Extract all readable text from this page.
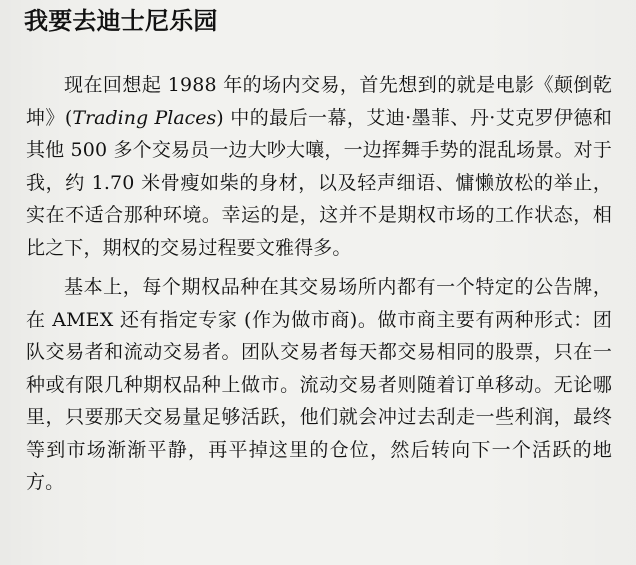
我要去迪士尼乐园

现在回想起 1988 年的场内交易，首先想到的就是电影《颠倒乾坤》(Trading Places) 中的最后一幕，艾迪·墨菲、丹·艾克罗伊德和其他 500 多个交易员一边大吵大嚷，一边挥舞手势的混乱场景。对于我，约 1.70 米骨瘦如柴的身材，以及轻声细语、慵懒放松的举止，实在不适合那种环境。幸运的是，这并不是期权市场的工作状态，相比之下，期权的交易过程要文雅得多。

基本上，每个期权品种在其交易场所内都有一个特定的公告牌，在 AMEX 还有指定专家 (作为做市商)。做市商主要有两种形式：团队交易者和流动交易者。团队交易者每天都交易相同的股票，只在一种或有限几种期权品种上做市。流动交易者则随着订单移动。无论哪里，只要那天交易量足够活跃，他们就会冲过去刮走一些利润，最终等到市场渐渐平静，再平掉这里的仓位，然后转向下一个活跃的地方。
